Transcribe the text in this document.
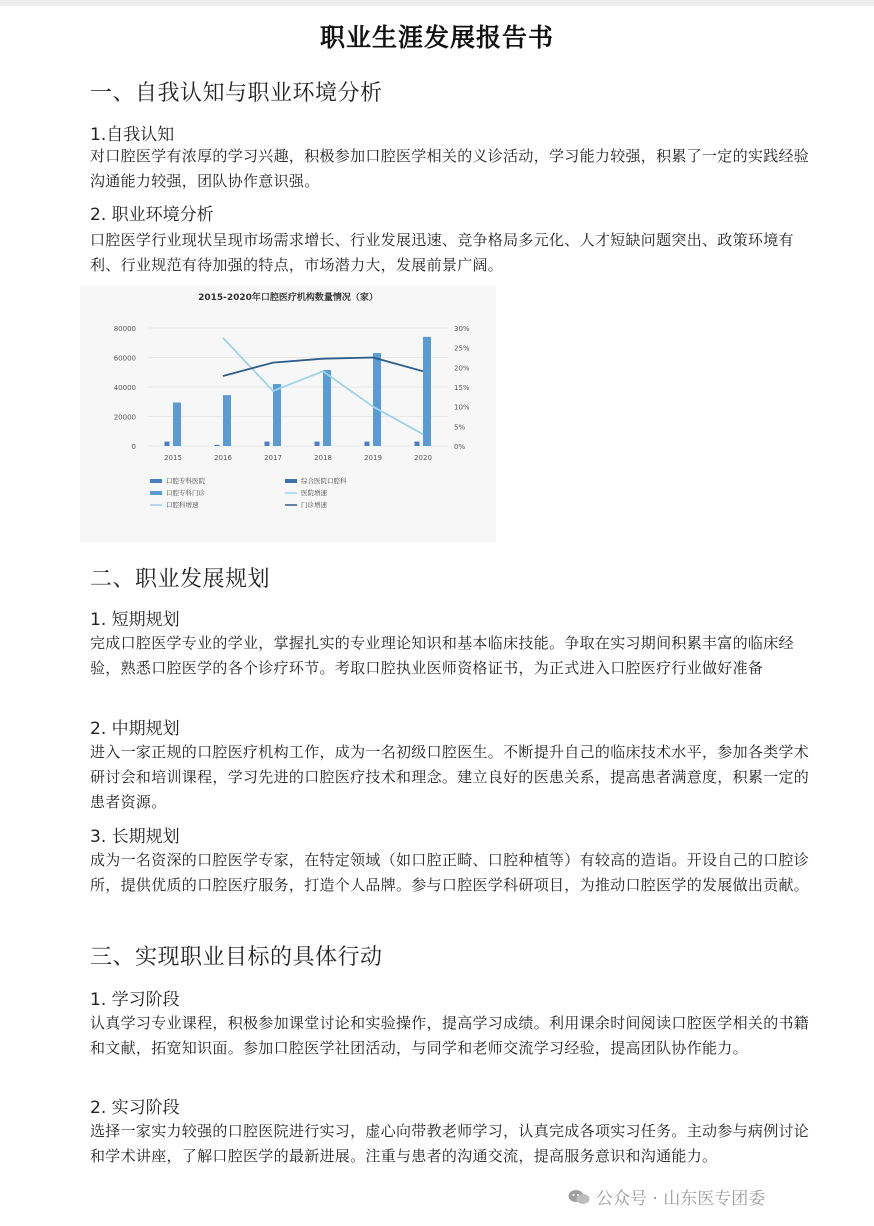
职业生涯发展报告书
一、自我认知与职业环境分析
1.自我认知
对口腔医学有浓厚的学习兴趣，积极参加口腔医学相关的义诊活动，学习能力较强，积累了一定的实践经验沟通能力较强，团队协作意识强。
2. 职业环境分析
口腔医学行业现状呈现市场需求增长、行业发展迅速、竞争格局多元化、人才短缺问题突出、政策环境有利、行业规范有待加强的特点，市场潜力大，发展前景广阔。
2015-2020年口腔医疗机构数量情况（家）
0
20000
40000
60000
80000
0%
5%
10%
15%
20%
25%
30%
2015	2016	2017	2018	2019	2020
口腔专科医院
口腔专科门诊
口腔科增速
综合医院口腔科
医院增速
门诊增速
二、职业发展规划
1. 短期规划
完成口腔医学专业的学业，掌握扎实的专业理论知识和基本临床技能。争取在实习期间积累丰富的临床经验，熟悉口腔医学的各个诊疗环节。考取口腔执业医师资格证书，为正式进入口腔医疗行业做好准备
2. 中期规划
进入一家正规的口腔医疗机构工作，成为一名初级口腔医生。不断提升自己的临床技术水平，参加各类学术研讨会和培训课程，学习先进的口腔医疗技术和理念。建立良好的医患关系，提高患者满意度，积累一定的患者资源。
3. 长期规划
成为一名资深的口腔医学专家，在特定领域（如口腔正畸、口腔种植等）有较高的造诣。开设自己的口腔诊所，提供优质的口腔医疗服务，打造个人品牌。参与口腔医学科研项目，为推动口腔医学的发展做出贡献。
三、实现职业目标的具体行动
1. 学习阶段
认真学习专业课程，积极参加课堂讨论和实验操作，提高学习成绩。利用课余时间阅读口腔医学相关的书籍和文献，拓宽知识面。参加口腔医学社团活动，与同学和老师交流学习经验，提高团队协作能力。
2. 实习阶段
选择一家实力较强的口腔医院进行实习，虚心向带教老师学习，认真完成各项实习任务。主动参与病例讨论和学术讲座，了解口腔医学的最新进展。注重与患者的沟通交流，提高服务意识和沟通能力。
公众号 · 山东医专团委
